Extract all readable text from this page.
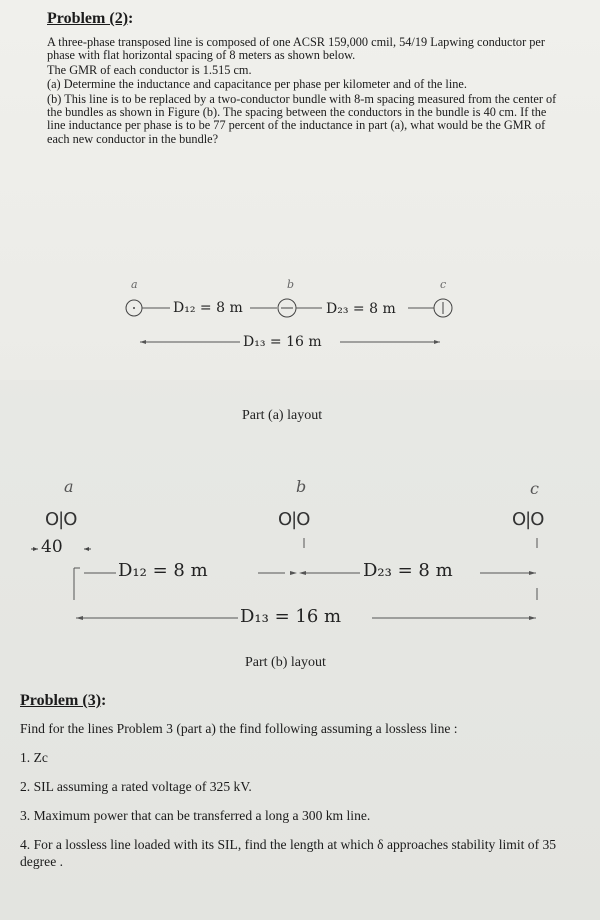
Problem (2):

A three-phase transposed line is composed of one ACSR 159,000 cmil, 54/19 Lapwing conductor per phase with flat horizontal spacing of 8 meters as shown below.

The GMR of each conductor is 1.515 cm.

(a) Determine the inductance and capacitance per phase per kilometer and of the line.

(b) This line is to be replaced by a two-conductor bundle with 8-m spacing measured from the center of the bundles as shown in Figure (b). The spacing between the conductors in the bundle is 40 cm. If the line inductance per phase is to be 77 percent of the inductance in part (a), what would be the GMR of each new conductor in the bundle?

a	b	c
D₁₂ = 8 m	D₂₃ = 8 m
D₁₃ = 16 m
Part (a) layout
a	b	c
O|O	O|O	O|O
40
D₁₂ = 8 m	D₂₃ = 8 m
D₁₃ = 16 m
Part (b) layout
Problem (3):

Find for the lines Problem 3 (part a) the find following assuming a lossless line :

1. Zc

2. SIL assuming a rated voltage of 325 kV.

3. Maximum power that can be transferred a long a 300 km line.

4. For a lossless line loaded with its SIL, find the length at which δ approaches stability limit of 35 degree .
